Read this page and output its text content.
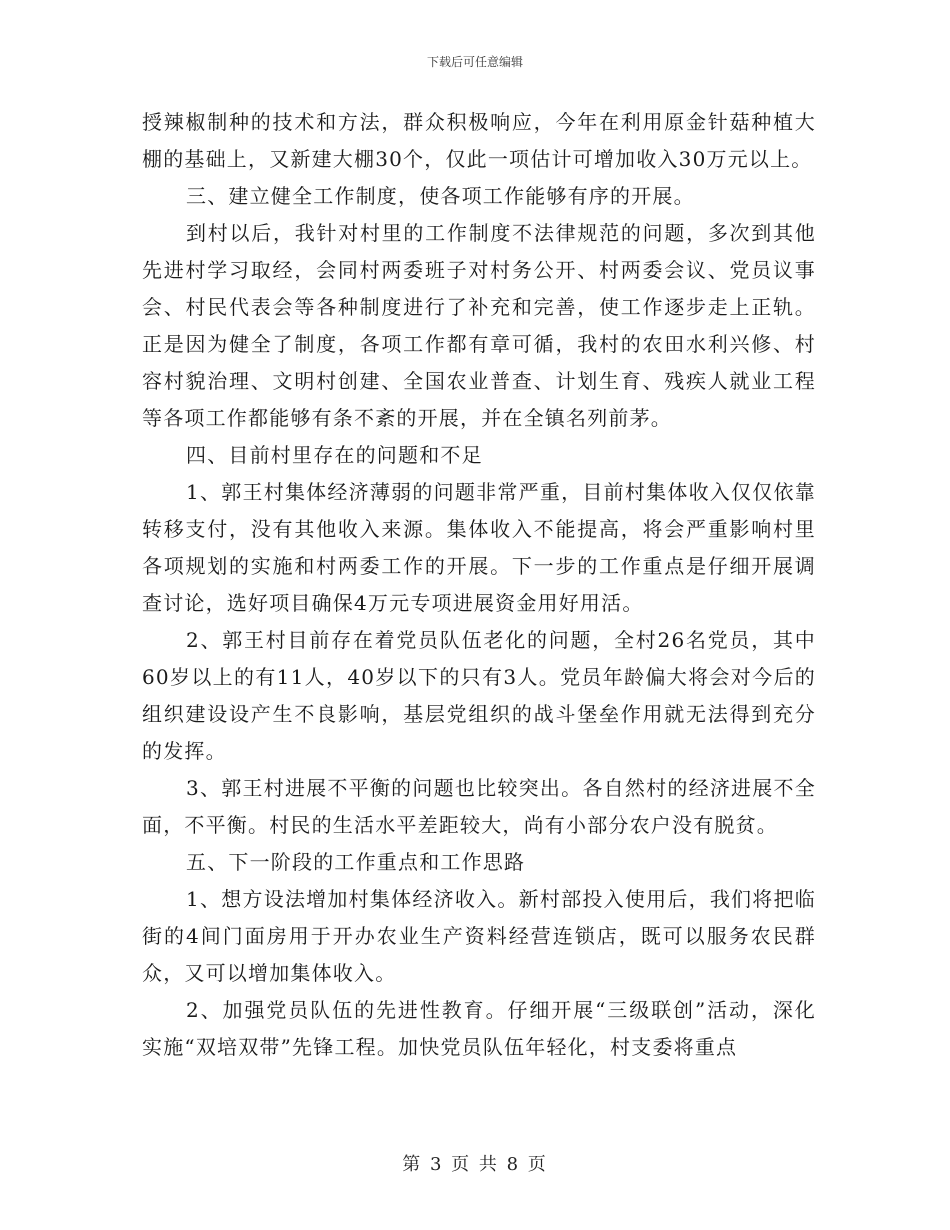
下载后可任意编辑

授辣椒制种的技术和方法，群众积极响应，今年在利用原金针菇种植大棚的基础上，又新建大棚30个，仅此一项估计可增加收入30万元以上。

三、建立健全工作制度，使各项工作能够有序的开展。

到村以后，我针对村里的工作制度不法律规范的问题，多次到其他先进村学习取经，会同村两委班子对村务公开、村两委会议、党员议事会、村民代表会等各种制度进行了补充和完善，使工作逐步走上正轨。正是因为健全了制度，各项工作都有章可循，我村的农田水利兴修、村容村貌治理、文明村创建、全国农业普查、计划生育、残疾人就业工程等各项工作都能够有条不紊的开展，并在全镇名列前茅。

四、目前村里存在的问题和不足

1、郭王村集体经济薄弱的问题非常严重，目前村集体收入仅仅依靠转移支付，没有其他收入来源。集体收入不能提高，将会严重影响村里各项规划的实施和村两委工作的开展。下一步的工作重点是仔细开展调查讨论，选好项目确保4万元专项进展资金用好用活。

2、郭王村目前存在着党员队伍老化的问题，全村26名党员，其中60岁以上的有11人，40岁以下的只有3人。党员年龄偏大将会对今后的组织建设设产生不良影响，基层党组织的战斗堡垒作用就无法得到充分的发挥。

3、郭王村进展不平衡的问题也比较突出。各自然村的经济进展不全面，不平衡。村民的生活水平差距较大，尚有小部分农户没有脱贫。

五、下一阶段的工作重点和工作思路

1、想方设法增加村集体经济收入。新村部投入使用后，我们将把临街的4间门面房用于开办农业生产资料经营连锁店，既可以服务农民群众，又可以增加集体收入。

2、加强党员队伍的先进性教育。仔细开展“三级联创”活动，深化实施“双培双带”先锋工程。加快党员队伍年轻化，村支委将重点

第 3 页 共 8 页
